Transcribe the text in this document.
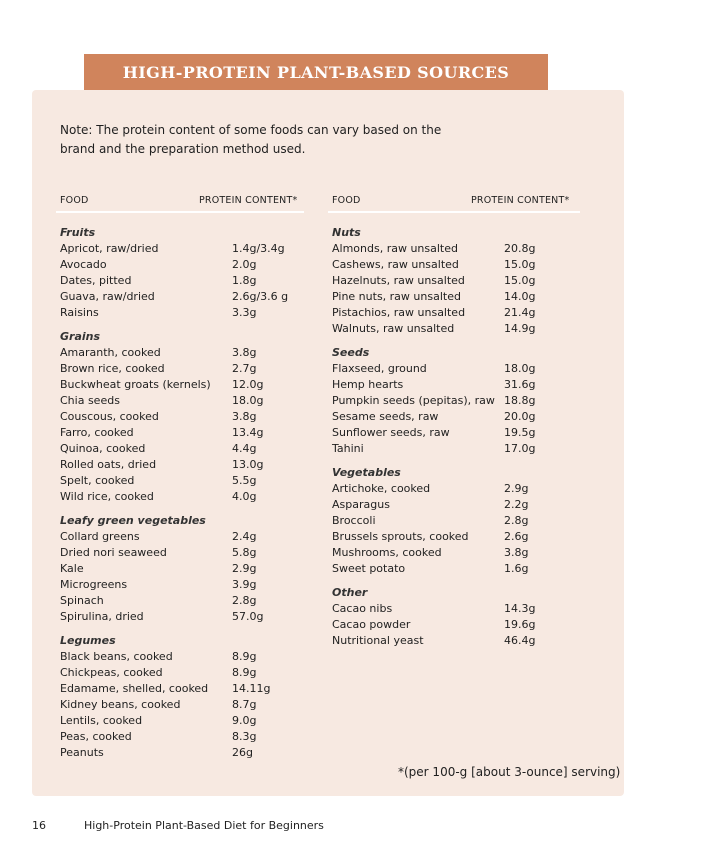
HIGH-PROTEIN PLANT-BASED SOURCES
Note: The protein content of some foods can vary based on the brand and the preparation method used.
FOOD	PROTEIN CONTENT*	FOOD	PROTEIN CONTENT*
Fruits
Apricot, raw/dried	1.4g/3.4g
Avocado	2.0g
Dates, pitted	1.8g
Guava, raw/dried	2.6g/3.6 g
Raisins	3.3g
Grains
Amaranth, cooked	3.8g
Brown rice, cooked	2.7g
Buckwheat groats (kernels) 12.0g
Chia seeds	18.0g
Couscous, cooked	3.8g
Farro, cooked	13.4g
Quinoa, cooked	4.4g
Rolled oats, dried	13.0g
Spelt, cooked	5.5g
Wild rice, cooked	4.0g
Leafy green vegetables
Collard greens	2.4g
Dried nori seaweed	5.8g
Kale	2.9g
Microgreens	3.9g
Spinach	2.8g
Spirulina, dried	57.0g
Legumes
Black beans, cooked	8.9g
Chickpeas, cooked	8.9g
Edamame, shelled, cooked 14.11g
Kidney beans, cooked	8.7g
Lentils, cooked	9.0g
Peas, cooked	8.3g
Peanuts	26g
Nuts
Almonds, raw unsalted	20.8g
Cashews, raw unsalted	15.0g
Hazelnuts, raw unsalted	15.0g
Pine nuts, raw unsalted	14.0g
Pistachios, raw unsalted	21.4g
Walnuts, raw unsalted	14.9g
Seeds
Flaxseed, ground	18.0g
Hemp hearts	31.6g
Pumpkin seeds (pepitas), raw 18.8g
Sesame seeds, raw	20.0g
Sunflower seeds, raw	19.5g
Tahini	17.0g
Vegetables
Artichoke, cooked	2.9g
Asparagus	2.2g
Broccoli	2.8g
Brussels sprouts, cooked	2.6g
Mushrooms, cooked	3.8g
Sweet potato	1.6g
Other
Cacao nibs	14.3g
Cacao powder	19.6g
Nutritional yeast	46.4g
*(per 100-g [about 3-ounce] serving)
16	High-Protein Plant-Based Diet for Beginners
